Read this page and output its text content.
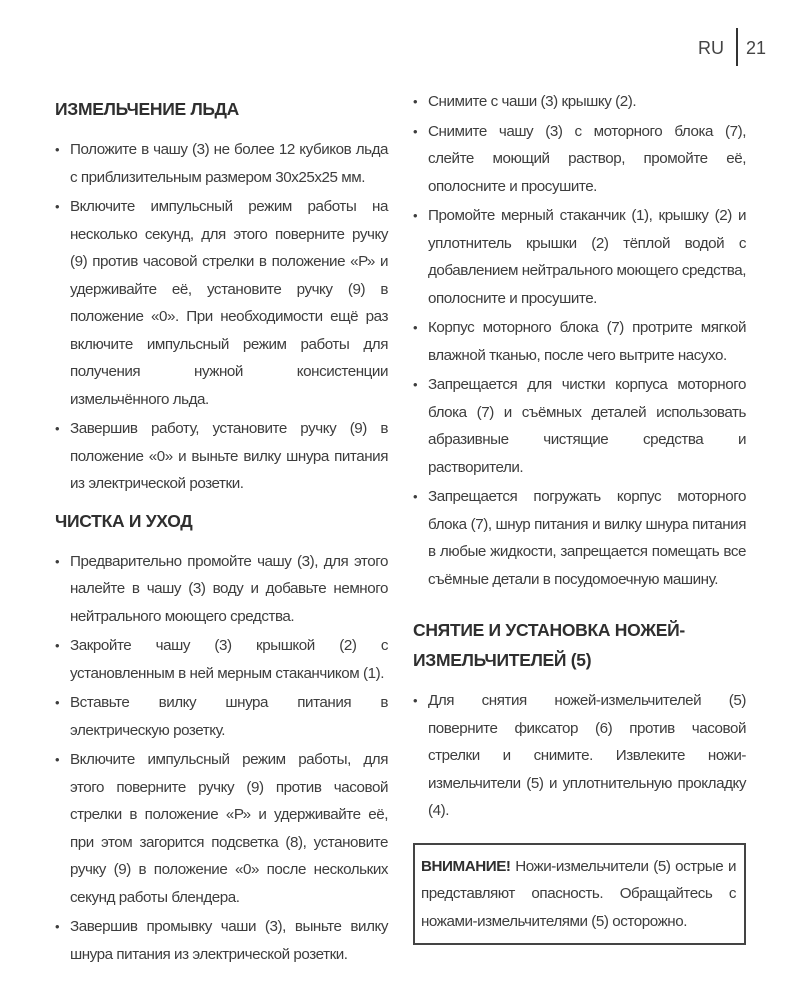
RU	21
ИЗМЕЛЬЧЕНИЕ ЛЬДА
• Положите в чашу (3) не более 12 кубиков льда с приблизительным размером 30х25х25 мм.
• Включите импульсный режим работы на несколько секунд, для этого поверните ручку (9) против часовой стрелки в положение «Р» и удерживайте её, установите ручку (9) в положение «0». При необходимости ещё раз включите импульсный режим работы для получения нужной консистенции измельчённого льда.
• Завершив работу, установите ручку (9) в положение «0» и выньте вилку шнура питания из электрической розетки.
ЧИСТКА И УХОД
• Предварительно промойте чашу (3), для этого налейте в чашу (3) воду и добавьте немного нейтрального моющего средства.
• Закройте чашу (3) крышкой (2) с установленным в ней мерным стаканчиком (1).
• Вставьте вилку шнура питания в электрическую розетку.
• Включите импульсный режим работы, для этого поверните ручку (9) против часовой стрелки в положение «Р» и удерживайте её, при этом загорится подсветка (8), установите ручку (9) в положение «0» после нескольких секунд работы блендера.
• Завершив промывку чаши (3), выньте вилку шнура питания из электрической розетки.
• Снимите с чаши (3) крышку (2).
• Снимите чашу (3) с моторного блока (7), слейте моющий раствор, промойте её, ополосните и просушите.
• Промойте мерный стаканчик (1), крышку (2) и уплотнитель крышки (2) тёплой водой с добавлением нейтрального моющего средства, ополосните и просушите.
• Корпус моторного блока (7) протрите мягкой влажной тканью, после чего вытрите насухо.
• Запрещается для чистки корпуса моторного блока (7) и съёмных деталей использовать абразивные чистящие средства и растворители.
• Запрещается погружать корпус моторного блока (7), шнур питания и вилку шнура питания в любые жидкости, запрещается помещать все съёмные детали в посудомоечную машину.
СНЯТИЕ И УСТАНОВКА НОЖЕЙ-ИЗМЕЛЬЧИТЕЛЕЙ (5)
• Для снятия ножей-измельчителей (5) поверните фиксатор (6) против часовой стрелки и снимите. Извлеките ножи-измельчители (5) и уплотнительную прокладку (4).
ВНИМАНИЕ! Ножи-измельчители (5) острые и представляют опасность. Обращайтесь с ножами-измельчителями (5) осторожно.
